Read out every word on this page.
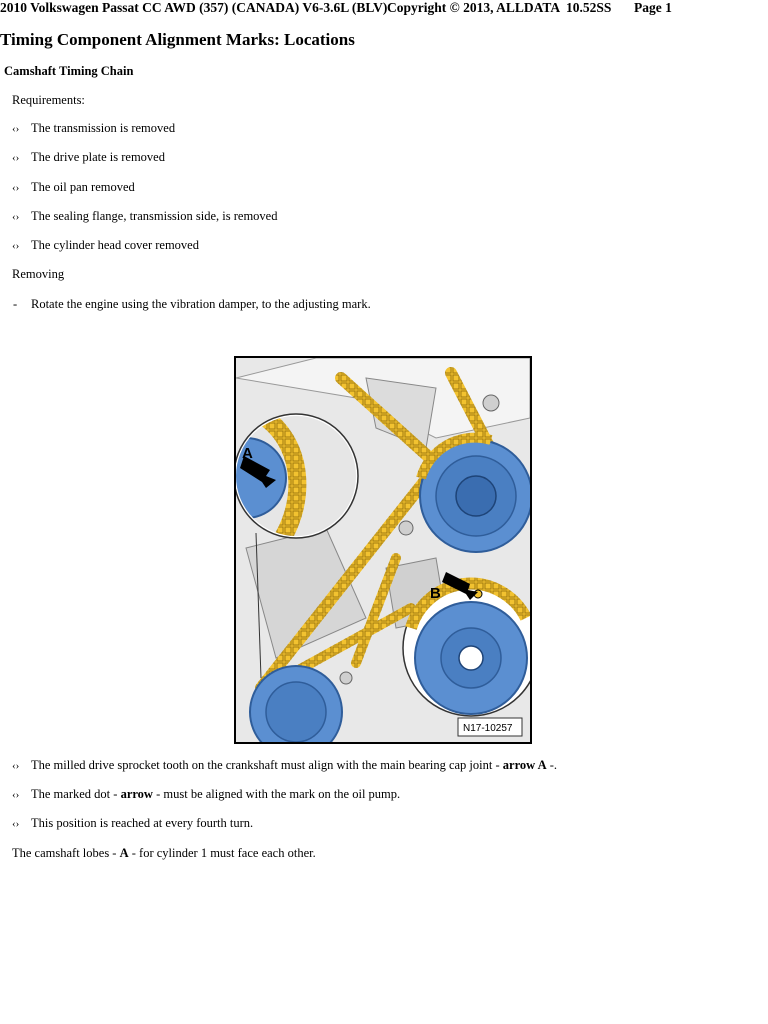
2010 Volkswagen Passat CC AWD (357) (CANADA) V6-3.6L (BLV) Copyright © 2013, ALLDATA 10.52SS Page 1
Timing Component Alignment Marks: Locations
Camshaft Timing Chain
Requirements:
‹› The transmission is removed
‹› The drive plate is removed
‹› The oil pan removed
‹› The sealing flange, transmission side, is removed
‹› The cylinder head cover removed
Removing
- Rotate the engine using the vibration damper, to the adjusting mark.
A
B
N17-10257
‹› The milled drive sprocket tooth on the crankshaft must align with the main bearing cap joint - arrow A -.
‹› The marked dot - arrow - must be aligned with the mark on the oil pump.
‹› This position is reached at every fourth turn.
The camshaft lobes - A - for cylinder 1 must face each other.
